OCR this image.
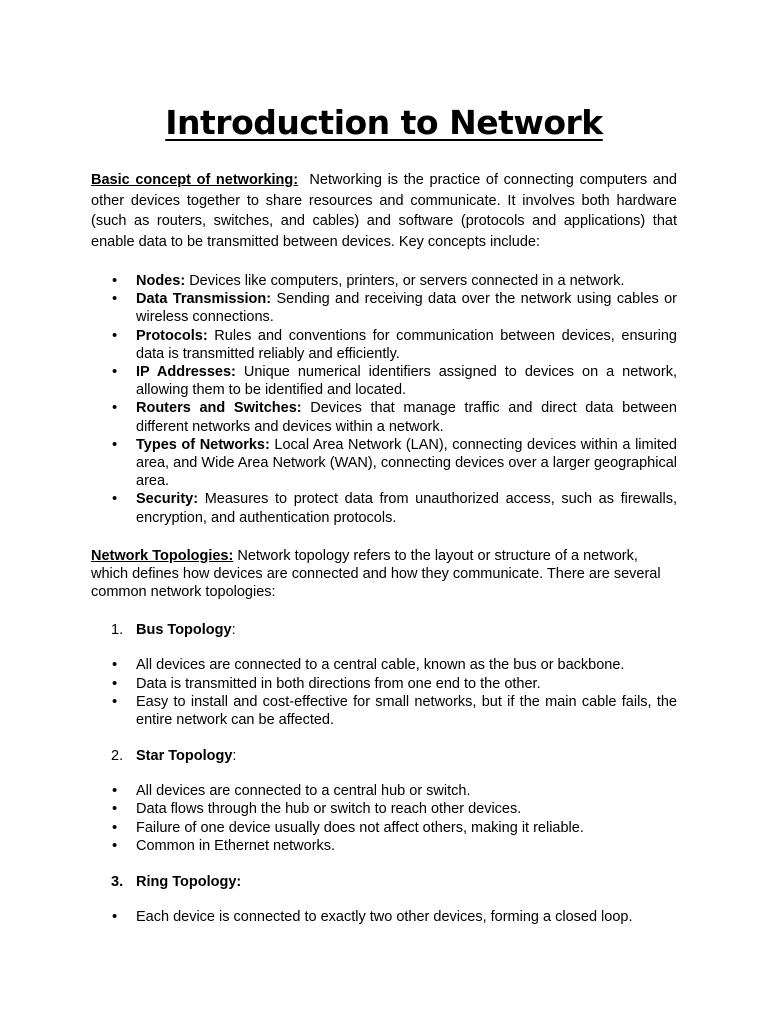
Introduction to Network

Basic concept of networking: Networking is the practice of connecting computers and other devices together to share resources and communicate. It involves both hardware (such as routers, switches, and cables) and software (protocols and applications) that enable data to be transmitted between devices. Key concepts include:

• Nodes: Devices like computers, printers, or servers connected in a network.
• Data Transmission: Sending and receiving data over the network using cables or wireless connections.
• Protocols: Rules and conventions for communication between devices, ensuring data is transmitted reliably and efficiently.
• IP Addresses: Unique numerical identifiers assigned to devices on a network, allowing them to be identified and located.
• Routers and Switches: Devices that manage traffic and direct data between different networks and devices within a network.
• Types of Networks: Local Area Network (LAN), connecting devices within a limited area, and Wide Area Network (WAN), connecting devices over a larger geographical area.
• Security: Measures to protect data from unauthorized access, such as firewalls, encryption, and authentication protocols.

Network Topologies: Network topology refers to the layout or structure of a network, which defines how devices are connected and how they communicate. There are several common network topologies:

1. Bus Topology:
• All devices are connected to a central cable, known as the bus or backbone.
• Data is transmitted in both directions from one end to the other.
• Easy to install and cost-effective for small networks, but if the main cable fails, the entire network can be affected.
2. Star Topology:
• All devices are connected to a central hub or switch.
• Data flows through the hub or switch to reach other devices.
• Failure of one device usually does not affect others, making it reliable.
• Common in Ethernet networks.
3. Ring Topology:
• Each device is connected to exactly two other devices, forming a closed loop.
